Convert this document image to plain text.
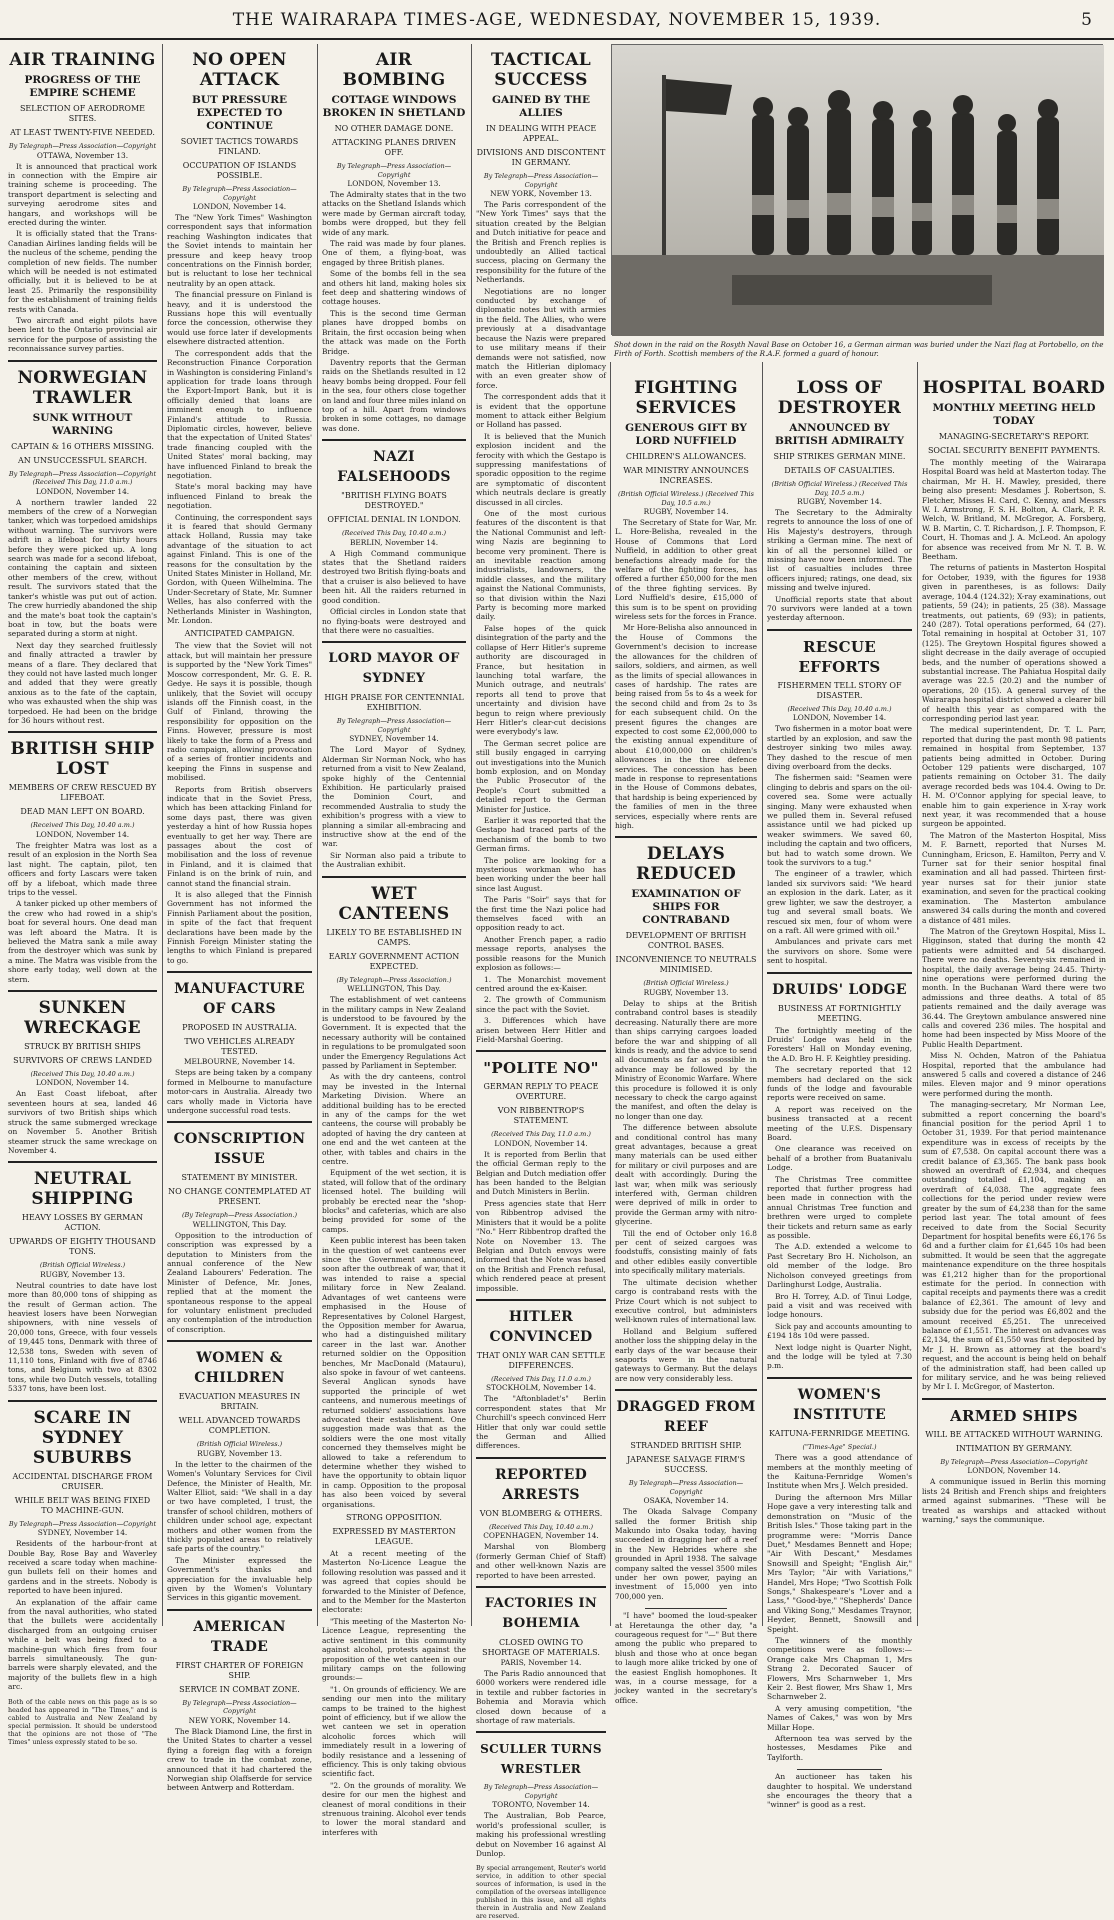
THE WAIRARAPA TIMES-AGE, WEDNESDAY, NOVEMBER 15, 1939.	5
AIR TRAINING
PROGRESS OF THE EMPIRE SCHEME
SELECTION OF AERODROME SITES.
AT LEAST TWENTY-FIVE NEEDED.
By Telegraph—Press Association—Copyright
OTTAWA, November 13.

It is announced that practical work in connection with the Empire air training scheme is proceeding. The transport department is selecting and surveying aerodrome sites and hangars, and workshops will be erected during the winter.

It is officially stated that the Trans-Canadian Airlines landing fields will be the nucleus of the scheme, pending the completion of new fields. The number which will be needed is not estimated officially, but it is believed to be at least 25. Primarily the responsibility for the establishment of training fields rests with Canada.

Two aircraft and eight pilots have been lent to the Ontario provincial air service for the purpose of assisting the reconnaissance survey parties.

NORWEGIAN TRAWLER
SUNK WITHOUT WARNING
CAPTAIN & 16 OTHERS MISSING.
AN UNSUCCESSFUL SEARCH.
By Telegraph—Press Association—Copyright (Received This Day, 11.0 a.m.)
LONDON, November 14.

A northern trawler landed 22 members of the crew of a Norwegian tanker, which was torpedoed amidships without warning. The survivors were adrift in a lifeboat for thirty hours before they were picked up. A long search was made for a second lifeboat, containing the captain and sixteen other members of the crew, without result. The survivors stated that the tanker's whistle was put out of action. The crew hurriedly abandoned the ship and the mate's boat took the captain's boat in tow, but the boats were separated during a storm at night.

Next day they searched fruitlessly and finally attracted a trawler by means of a flare. They declared that they could not have lasted much longer and added that they were greatly anxious as to the fate of the captain, who was exhausted when the ship was torpedoed. He had been on the bridge for 36 hours without rest.

BRITISH SHIP LOST
MEMBERS OF CREW RESCUED BY LIFEBOAT.
DEAD MAN LEFT ON BOARD.
(Received This Day, 10.40 a.m.)
LONDON, November 14.

The freighter Matra was lost as a result of an explosion in the North Sea last night. The captain, pilot, ten officers and forty Lascars were taken off by a lifeboat, which made three trips to the vessel.

A tanker picked up other members of the crew who had rowed in a ship's boat for several hours. One dead man was left aboard the Matra. It is believed the Matra sank a mile away from the destroyer which was sunk by a mine. The Matra was visible from the shore early today, well down at the stern.

SUNKEN WRECKAGE
STRUCK BY BRITISH SHIPS
SURVIVORS OF CREWS LANDED
(Received This Day, 10.40 a.m.)
LONDON, November 14.

An East Coast lifeboat, after seventeen hours at sea, landed 46 survivors of two British ships which struck the same submerged wreckage on November 5. Another British steamer struck the same wreckage on November 4.

NEUTRAL SHIPPING
HEAVY LOSSES BY GERMAN ACTION.
UPWARDS OF EIGHTY THOUSAND TONS.
(British Official Wireless.)
RUGBY, November 13.

Neutral countries to date have lost more than 80,000 tons of shipping as the result of German action. The heaviest losers have been Norwegian shipowners, with nine vessels of 20,000 tons, Greece, with four vessels of 19,445 tons, Denmark with three of 12,538 tons, Sweden with seven of 11,110 tons, Finland with five of 8746 tons, and Belgium with two at 8302 tons, while two Dutch vessels, totalling 5337 tons, have been lost.

SCARE IN SYDNEY SUBURBS
ACCIDENTAL DISCHARGE FROM CRUISER.
WHILE BELT WAS BEING FIXED TO MACHINE-GUN.
By Telegraph—Press Association—Copyright
SYDNEY, November 14.

Residents of the harbour-front at Double Bay, Rose Bay and Waverley received a scare today when machine-gun bullets fell on their homes and gardens and in the streets. Nobody is reported to have been injured.

An explanation of the affair came from the naval authorities, who stated that the bullets were accidentally discharged from an outgoing cruiser while a belt was being fixed to a machine-gun which fires from four barrels simultaneously. The gun-barrels were sharply elevated, and the majority of the bullets flew in a high arc.

Both of the cable news on this page as is so headed has appeared in "The Times," and is cabled to Australia and New Zealand by special permission. It should be understood that the opinions are not those of "The Times" unless expressly stated to be so.
NO OPEN ATTACK
BUT PRESSURE EXPECTED TO CONTINUE
SOVIET TACTICS TOWARDS FINLAND.
OCCUPATION OF ISLANDS POSSIBLE.
By Telegraph—Press Association—Copyright
LONDON, November 14.

The "New York Times" Washington correspondent says that information reaching Washington indicates that the Soviet intends to maintain her pressure and keep heavy troop concentrations on the Finnish border, but is reluctant to lose her technical neutrality by an open attack.

The financial pressure on Finland is heavy, and it is understood the Russians hope this will eventually force the concession, otherwise they would use force later if developments elsewhere distracted attention.

The correspondent adds that the Reconstruction Finance Corporation in Washington is considering Finland's application for trade loans through the Export-Import Bank, but it is officially denied that loans are imminent enough to influence Finland's attitude to Russia. Diplomatic circles, however, believe that the expectation of United States' trade financing coupled with the United States' moral backing, may have influenced Finland to break the negotiation.

State's moral backing may have influenced Finland to break the negotiation.

Continuing, the correspondent says it is feared that should Germany attack Holland, Russia may take advantage of the situation to act against Finland. This is one of the reasons for the consultation by the United States Minister in Holland, Mr. Gordon, with Queen Wilhelmina. The Under-Secretary of State, Mr. Sumner Welles, has also conferred with the Netherlands Minister in Washington, Mr. London.

ANTICIPATED CAMPAIGN.

The view that the Soviet will not attack, but will maintain her pressure is supported by the "New York Times" Moscow correspondent, Mr. G. E. R. Gedye. He says it is possible, though unlikely, that the Soviet will occupy islands off the Finnish coast, in the Gulf of Finland, throwing the responsibility for opposition on the Finns. However, pressure is most likely to take the form of a Press and radio campaign, allowing provocation of a series of frontier incidents and keeping the Finns in suspense and mobilised.

Reports from British observers indicate that in the Soviet Press, which has been attacking Finland for some days past, there was given yesterday a hint of how Russia hopes eventually to get her way. There are passages about the cost of mobilisation and the loss of revenue in Finland, and it is claimed that Finland is on the brink of ruin, and cannot stand the financial strain.

It is also alleged that the Finnish Government has not informed the Finnish Parliament about the position, in spite of the fact that frequent declarations have been made by the Finnish Foreign Minister stating the lengths to which Finland is prepared to go.

MANUFACTURE OF CARS
PROPOSED IN AUSTRALIA.
TWO VEHICLES ALREADY TESTED.
MELBOURNE, November 14.

Steps are being taken by a company formed in Melbourne to manufacture motor-cars in Australia. Already two cars wholly made in Victoria have undergone successful road tests.

CONSCRIPTION ISSUE
STATEMENT BY MINISTER.
NO CHANGE CONTEMPLATED AT PRESENT.
(By Telegraph—Press Association.)
WELLINGTON, This Day.

Opposition to the introduction of conscription was expressed by a deputation to Ministers from the annual conference of the New Zealand Labourers' Federation. The Minister of Defence, Mr. Jones, replied that at the moment the spontaneous response to the appeal for voluntary enlistment precluded any contemplation of the introduction of conscription.

WOMEN & CHILDREN
EVACUATION MEASURES IN BRITAIN.
WELL ADVANCED TOWARDS COMPLETION.
(British Official Wireless.)
RUGBY, November 13.

In the letter to the chairmen of the Women's Voluntary Services for Civil Defence, the Minister of Health, Mr. Walter Elliot, said: "We shall in a day or two have completed, I trust, the transfer of school children, mothers of children under school age, expectant mothers and other women from the thickly populated areas to relatively safe parts of the country."

The Minister expressed the Government's thanks and appreciation for the invaluable help given by the Women's Voluntary Services in this gigantic movement.

AMERICAN TRADE
FIRST CHARTER OF FOREIGN SHIP.
SERVICE IN COMBAT ZONE.
By Telegraph—Press Association—Copyright
NEW YORK, November 14.

The Black Diamond Line, the first in the United States to charter a vessel flying a foreign flag with a foreign crew to trade in the combat zone, announced that it had chartered the Norwegian ship Olaffserde for service between Antwerp and Rotterdam.

AIR BOMBING
COTTAGE WINDOWS BROKEN IN SHETLAND
NO OTHER DAMAGE DONE.
ATTACKING PLANES DRIVEN OFF.
By Telegraph—Press Association—Copyright
LONDON, November 13.

The Admiralty states that in the two attacks on the Shetland Islands which were made by German aircraft today, bombs were dropped, but they fell wide of any mark.

The raid was made by four planes. One of them, a flying-boat, was engaged by three British planes.

Some of the bombs fell in the sea and others hit land, making holes six feet deep and shattering windows of cottage houses.

This is the second time German planes have dropped bombs on Britain, the first occasion being when the attack was made on the Forth Bridge.

Daventry reports that the German raids on the Shetlands resulted in 12 heavy bombs being dropped. Four fell in the sea, four others close together on land and four three miles inland on top of a hill. Apart from windows broken in some cottages, no damage was done.

NAZI FALSEHOODS
"BRITISH FLYING BOATS DESTROYED."
OFFICIAL DENIAL IN LONDON.
(Received This Day, 10.40 a.m.)
BERLIN, November 14.

A High Command communique states that the Shetland raiders destroyed two British flying-boats and that a cruiser is also believed to have been hit. All the raiders returned in good condition.

Official circles in London state that no flying-boats were destroyed and that there were no casualties.

LORD MAYOR OF SYDNEY
HIGH PRAISE FOR CENTENNIAL EXHIBITION.
By Telegraph—Press Association—Copyright
SYDNEY, November 14.

The Lord Mayor of Sydney, Alderman Sir Norman Nock, who has returned from a visit to New Zealand, spoke highly of the Centennial Exhibition. He particularly praised the Dominion Court, and recommended Australia to study the exhibition's progress with a view to planning a similar all-embracing and instructive show at the end of the war.

Sir Norman also paid a tribute to the Australian exhibit.

WET CANTEENS
LIKELY TO BE ESTABLISHED IN CAMPS.
EARLY GOVERNMENT ACTION EXPECTED.
(By Telegraph—Press Association.)
WELLINGTON, This Day.

The establishment of wet canteens in the military camps in New Zealand is understood to be favoured by the Government. It is expected that the necessary authority will be contained in regulations to be promulgated soon under the Emergency Regulations Act passed by Parliament in September.

As with the dry canteens, control may be invested in the Internal Marketing Division. Where an additional building has to be erected in any of the camps for the wet canteens, the course will probably be adopted of having the dry canteen at one end and the wet canteen at the other, with tables and chairs in the centre.

Equipment of the wet section, it is stated, will follow that of the ordinary licensed hotel. The building will probably be erected near the "shop-blocks" and cafeterias, which are also being provided for some of the camps.

Keen public interest has been taken in the question of wet canteens ever since the Government announced, soon after the outbreak of war, that it was intended to raise a special military force in New Zealand. Advantages of wet canteens were emphasised in the House of Representatives by Colonel Hargest, the Opposition member for Awarua, who had a distinguished military career in the last war. Another returned soldier on the Opposition benches, Mr MacDonald (Matauru), also spoke in favour of wet canteens. Several Anglican synods have supported the principle of wet canteens, and numerous meetings of returned soldiers' associations have advocated their establishment. One suggestion made was that as the soldiers were the one most vitally concerned they themselves might be allowed to take a referendum to determine whether they wished to have the opportunity to obtain liquor in camp. Opposition to the proposal has also been voiced by several organisations.

STRONG OPPOSITION.
EXPRESSED BY MASTERTON LEAGUE.

At a recent meeting of the Masterton No-Licence League the following resolution was passed and it was agreed that copies should be forwarded to the Minister of Defence, and to the Member for the Masterton electorate:

"This meeting of the Masterton No-Licence League, representing the active sentiment in this community against alcohol, protests against the proposition of the wet canteen in our military camps on the following grounds:—

"1. On grounds of efficiency. We are sending our men into the military camps to be trained to the highest point of efficiency, but if we allow the wet canteen we set in operation alcoholic forces which will immediately result in a lowering of bodily resistance and a lessening of efficiency. This is only taking obvious scientific fact.

"2. On the grounds of morality. We desire for our men the highest and cleanest of moral conditions in their strenuous training. Alcohol ever tends to lower the moral standard and interferes with

TACTICAL SUCCESS
GAINED BY THE ALLIES
IN DEALING WITH PEACE APPEAL.
DIVISIONS AND DISCONTENT IN GERMANY.
By Telegraph—Press Association—Copyright
NEW YORK, November 13.

The Paris correspondent of the "New York Times" says that the situation created by the Belgian and Dutch initiative for peace and the British and French replies is undoubtedly an Allied tactical success, placing on Germany the responsibility for the future of the Netherlands.

Negotiations are no longer conducted by exchange of diplomatic notes but with armies in the field. The Allies, who were previously at a disadvantage because the Nazis were prepared to use military means if their demands were not satisfied, now match the Hitlerian diplomacy with an even greater show of force.

The correspondent adds that it is evident that the opportune moment to attack either Belgium or Holland has passed.

It is believed that the Munich explosion incident and the ferocity with which the Gestapo is suppressing manifestations of sporadic opposition to the regime are symptomatic of discontent which neutrals declare is greatly discussed in all circles.

One of the most curious features of the discontent is that the National Communist and left-wing Nazis are beginning to become very prominent. There is an inevitable reaction among industrialists, landowners, the middle classes, and the military against the National Communists, so that division within the Nazi Party is becoming more marked daily.

False hopes of the quick disintegration of the party and the collapse of Herr Hitler's supreme authority are discouraged in France, but hesitation in launching total warfare, the Munich outrage, and neutrals' reports all tend to prove that uncertainty and division have begun to reign where previously Herr Hitler's clear-cut decisions were everybody's law.

The German secret police are still busily engaged in carrying out investigations into the Munich bomb explosion, and on Monday the Public Prosecutor of the People's Court submitted a detailed report to the German Minister for Justice.

Earlier it was reported that the Gestapo had traced parts of the mechanism of the bomb to two German firms.

The police are looking for a mysterious workman who has been working under the beer hall since last August.

The Paris "Soir" says that for the first time the Nazi police had themselves faced with an opposition ready to act.

Another French paper, a radio message reports, analyses the possible reasons for the Munich explosion as follows:—

1. The Monarchist movement centred around the ex-Kaiser.

2. The growth of Communism since the pact with the Soviet.

3. Differences which have arisen between Herr Hitler and Field-Marshal Goering.

"POLITE NO"
GERMAN REPLY TO PEACE OVERTURE.
VON RIBBENTROP'S STATEMENT.
(Received This Day, 11.0 a.m.)
LONDON, November 14.

It is reported from Berlin that the official German reply to the Belgian and Dutch mediation offer has been handed to the Belgian and Dutch Ministers in Berlin.

Press agencies state that Herr von Ribbentrop advised the Ministers that it would be a polite "No." Herr Ribbentrop drafted the Note on November 13. The Belgian and Dutch envoys were informed that the Note was based on the British and French refusal, which rendered peace at present impossible.

HITLER CONVINCED
THAT ONLY WAR CAN SETTLE DIFFERENCES.
(Received This Day, 11.0 a.m.)
STOCKHOLM, November 14.

The "Aftonbladet's" Berlin correspondent states that Mr Churchill's speech convinced Herr Hitler that only war could settle the German and Allied differences.

REPORTED ARRESTS
VON BLOMBERG & OTHERS.
(Received This Day, 10.40 a.m.)
COPENHAGEN, November 14.

Marshal von Blomberg (formerly German Chief of Staff) and other well-known Nazis are reported to have been arrested.

FACTORIES IN BOHEMIA
CLOSED OWING TO SHORTAGE OF MATERIALS.
PARIS, November 14.

The Paris Radio announced that 6000 workers were rendered idle in textile and rubber factories in Bohemia and Moravia which closed down because of a shortage of raw materials.

SCULLER TURNS WRESTLER
By Telegraph—Press Association—Copyright
TORONTO, November 14.

The Australian, Bob Pearce, world's professional sculler, is making his professional wrestling debut on November 16 against Al Dunlop.

By special arrangement, Reuter's world service, in addition to other special sources of information, is used in the compilation of the overseas intelligence published in this issue, and all rights therein in Australia and New Zealand are reserved.
Shot down in the raid on the Rosyth Naval Base on October 16, a German airman was buried under the Nazi flag at Portobello, on the Firth of Forth. Scottish members of the R.A.F. formed a guard of honour.
FIGHTING SERVICES
GENEROUS GIFT BY LORD NUFFIELD
CHILDREN'S ALLOWANCES.
WAR MINISTRY ANNOUNCES INCREASES.
(British Official Wireless.) (Received This Day, 10.5 a.m.)
RUGBY, November 14.

The Secretary of State for War, Mr. L. Hore-Belisha, revealed in the House of Commons that Lord Nuffield, in addition to other great benefactions already made for the welfare of the fighting forces, has offered a further £50,000 for the men of the three fighting services. By Lord Nuffield's desire, £15,000 of this sum is to be spent on providing wireless sets for the forces in France.

Mr Hore-Belisha also announced in the House of Commons the Government's decision to increase the allowances for the children of sailors, soldiers, and airmen, as well as the limits of special allowances in cases of hardship. The rates are being raised from 5s to 4s a week for the second child and from 2s to 3s for each subsequent child. On the present figures the changes are expected to cost some £2,000,000 to the existing annual expenditure of about £10,000,000 on children's allowances in the three defence services. The concession has been made in response to representations in the House of Commons debates, that hardship is being experienced by the families of men in the three services, especially where rents are high.

DELAYS REDUCED
EXAMINATION OF SHIPS FOR CONTRABAND
DEVELOPMENT OF BRITISH CONTROL BASES.
INCONVENIENCE TO NEUTRALS MINIMISED.
(British Official Wireless.)
RUGBY, November 13.

Delay to ships at the British contraband control bases is steadily decreasing. Naturally there are more than ships carrying cargoes loaded before the war and shipping of all kinds is ready, and the advice to send all documents as far as possible in advance may be followed by the Ministry of Economic Warfare. Where this procedure is followed it is only necessary to check the cargo against the manifest, and often the delay is no longer than one day.

The difference between absolute and conditional control has many great advantages, because a great many materials can be used either for military or civil purposes and are dealt with accordingly. During the last war, when milk was seriously interfered with, German children were deprived of milk in order to provide the German army with nitro-glycerine.

Till the end of October only 16.8 per cent of seized cargoes was foodstuffs, consisting mainly of fats and other edibles easily convertible into specifically military materials.

The ultimate decision whether cargo is contraband rests with the Prize Court which is not subject to executive control, but administers well-known rules of international law.

Holland and Belgium suffered another loss the shipping delay in the early days of the war because their seaports were in the natural gateways to Germany. But the delays are now very considerably less.

DRAGGED FROM REEF
STRANDED BRITISH SHIP.
JAPANESE SALVAGE FIRM'S SUCCESS.
By Telegraph—Press Association—Copyright
OSAKA, November 14.

The Okada Salvage Company salled the former British ship Makundo into Osaka today, having succeeded in dragging her off a reef in the New Hebrides where she grounded in April 1938. The salvage company salted the vessel 3500 miles under her own power, paying an investment of 15,000 yen into 700,000 yen.

"I have" boomed the loud-speaker at Heretaunga the other day, "a courageous request for "—" But there among the public who prepared to blush and those who at once began to laugh more alike tricked by one of the easiest English homophones. It was, in a course message, for a jockey wanted in the secretary's office.

LOSS OF DESTROYER
ANNOUNCED BY BRITISH ADMIRALTY
SHIP STRIKES GERMAN MINE.
DETAILS OF CASUALTIES.
(British Official Wireless.) (Received This Day, 10.5 a.m.)
RUGBY, November 14.

The Secretary to the Admiralty regrets to announce the loss of one of His Majesty's destroyers, through striking a German mine. The next of kin of all the personnel killed or missing have now been informed. The list of casualties includes three officers injured; ratings, one dead, six missing and twelve injured.

Unofficial reports state that about 70 survivors were landed at a town yesterday afternoon.

RESCUE EFFORTS
FISHERMEN TELL STORY OF DISASTER.
(Received This Day, 10.40 a.m.)
LONDON, November 14.

Two fishermen in a motor boat were startled by an explosion, and saw the destroyer sinking two miles away. They dashed to the rescue of men diving overboard from the decks.

The fishermen said: "Seamen were clinging to debris and spars on the oil-covered sea. Some were actually singing. Many were exhausted when we pulled them in. Several refused assistance until we had picked up weaker swimmers. We saved 60, including the captain and two officers, but had to watch some drown. We took the survivors to a tug."

The engineer of a trawler, which landed six survivors said: "We heard an explosion in the dark. Later, as it grew lighter, we saw the destroyer, a tug and several small boats. We rescued six men, four of whom were on a raft. All were grimed with oil."

Ambulances and private cars met the survivors on shore. Some were sent to hospital.

DRUIDS' LODGE
BUSINESS AT FORTNIGHTLY MEETING.

The fortnightly meeting of the Druids' Lodge was held in the Foresters' Hall on Monday evening, the A.D. Bro H. F. Keightley presiding.

The secretary reported that 12 members had declared on the sick funds of the lodge and favourable reports were received on same.

A report was received on the business transacted at a recent meeting of the U.F.S. Dispensary Board.

One clearance was received on behalf of a brother from Buatanivalu Lodge.

The Christmas Tree committee reported that further progress had been made in connection with the annual Christmas Tree function and brethren were urged to complete their tickets and return same as early as possible.

The A.D. extended a welcome to Past Secretary Bro H. Nicholson, an old member of the lodge. Bro Nicholson conveyed greetings from Darlinghurst Lodge, Australia.

Bro H. Torrey, A.D. of Tinui Lodge, paid a visit and was received with lodge honours.

Sick pay and accounts amounting to £194 18s 10d were passed.

Next lodge night is Quarter Night, and the lodge will be tyled at 7.30 p.m.

WOMEN'S INSTITUTE
KAITUNA-FERNRIDGE MEETING.
("Times-Age" Special.)

There was a good attendance of members at the monthly meeting of the Kaituna-Fernridge Women's Institute when Mrs J. Welch presided.

During the afternoon Mrs Millar Hope gave a very interesting talk and demonstration on "Music of the British Isles." Those taking part in the programme were: "Morris Dance Duet," Mesdames Bennett and Hope; "Air With Descant," Mesdames Snowsill and Speight; "English Air," Mrs Taylor; "Air with Variations," Handel, Mrs Hope; "Two Scottish Folk Songs," Shakespeare's "Lover and a Lass," "Good-bye," "Shepherds' Dance and Viking Song," Mesdames Traynor, Heyder, Bennett, Snowsill and Speight.

The winners of the monthly competitions were as follows:— Orange cake Mrs Chapman 1, Mrs Strang 2. Decorated Saucer of Flowers, Mrs Scharnweber 1, Mrs Keir 2. Best flower, Mrs Shaw 1, Mrs Scharnweber 2.

A very amusing competition, "the Names of Cakes," was won by Mrs Millar Hope.

Afternoon tea was served by the hostesses, Mesdames Pike and Taylforth.

An auctioneer has taken his daughter to hospital. We understand she encourages the theory that a "winner" is good as a rest.

HOSPITAL BOARD
MONTHLY MEETING HELD TODAY
MANAGING-SECRETARY'S REPORT.
SOCIAL SECURITY BENEFIT PAYMENTS.

The monthly meeting of the Wairarapa Hospital Board was held at Masterton today. The chairman, Mr H. H. Mawley, presided, there being also present: Mesdames J. Robertson, S. Fletcher, Misses H. Card, C. Kenny, and Messrs W. I. Armstrong, F. S. H. Bolton, A. Clark, P. R. Welch, W. Britland, M. McGregor, A. Forsberg, W. B. Martin, C. T. Richardson, J. F. Thompson, F. Court, H. Thomas and J. A. McLeod. An apology for absence was received from Mr N. T. B. W. Beetham.

The returns of patients in Masterton Hospital for October, 1939, with the figures for 1938 given in parentheses, is as follows: Daily average, 104.4 (124.32); X-ray examinations, out patients, 59 (24); in patients, 25 (38). Massage treatments, out patients, 69 (93); in patients, 240 (287). Total operations performed, 64 (27). Total remaining in hospital at October 31, 107 (125). The Greytown Hospital figures showed a slight decrease in the daily average of occupied beds, and the number of operations showed a substantial increase. The Pahiatua Hospital daily average was 22.5 (20.2) and the number of operations, 20 (15). A general survey of the Wairarapa hospital district showed a clearer bill of health this year as compared with the corresponding period last year.

The medical superintendent, Dr. T. L. Parr, reported that during the past month 98 patients remained in hospital from September, 137 patients being admitted in October. During October 129 patients were discharged, 107 patients remaining on October 31. The daily average recorded beds was 104.4. Owing to Dr. H. M. O'Connor applying for special leave, to enable him to gain experience in X-ray work next year, it was recommended that a house surgeon be appointed.

The Matron of the Masterton Hospital, Miss M. F. Barnett, reported that Nurses M. Cunningham, Ericson, E. Hamilton, Perry and V. Turner sat for their senior hospital final examination and all had passed. Thirteen first-year nurses sat for their junior state examination, and seven for the practical cooking examination. The Masterton ambulance answered 34 calls during the month and covered a distance of 481 miles.

The Matron of the Greytown Hospital, Miss L. Higginson, stated that during the month 42 patients were admitted and 54 discharged. There were no deaths. Seventy-six remained in hospital, the daily average being 24.45. Thirty-nine operations were performed during the month. In the Buchanan Ward there were two admissions and three deaths. A total of 85 patients remained and the daily average was 36.44. The Greytown ambulance answered nine calls and covered 236 miles. The hospital and home had been inspected by Miss Moore of the Public Health Department.

Miss N. Ochden, Matron of the Pahiatua Hospital, reported that the ambulance had answered 5 calls and covered a distance of 246 miles. Eleven major and 9 minor operations were performed during the month.

The managing-secretary, Mr Norman Lee, submitted a report concerning the board's financial position for the period April 1 to October 31, 1939. For that period maintenance expenditure was in excess of receipts by the sum of £7,538. On capital account there was a credit balance of £3,365. The bank pass book showed an overdraft of £2,934, and cheques outstanding totalled £1,104, making an overdraft of £4,038. The aggregate fees collections for the period under review were greater by the sum of £4,238 than for the same period last year. The total amount of fees received to date from the Social Security Department for hospital benefits were £6,176 5s 6d and a further claim for £1,645 10s had been submitted. It would be seen that the aggregate maintenance expenditure on the three hospitals was £1,212 higher than for the proportional estimate for the period. In connection with capital receipts and payments there was a credit balance of £2,361. The amount of levy and subsidy due for the period was £6,802 and the amount received £5,251. The unreceived balance of £1,551. The interest on advances was £2,134, the sum of £1,550 was first deposited by Mr J. H. Brown as attorney at the board's request, and the account is being held on behalf of the administration staff, had been called up for military service, and he was being relieved by Mr I. I. McGregor, of Masterton.

ARMED SHIPS
WILL BE ATTACKED WITHOUT WARNING.
INTIMATION BY GERMANY.
By Telegraph—Press Association—Copyright
LONDON, November 14.

A communique issued in Berlin this morning lists 24 British and French ships and freighters armed against submarines. "These will be treated as warships and attacked without warning," says the communique.
